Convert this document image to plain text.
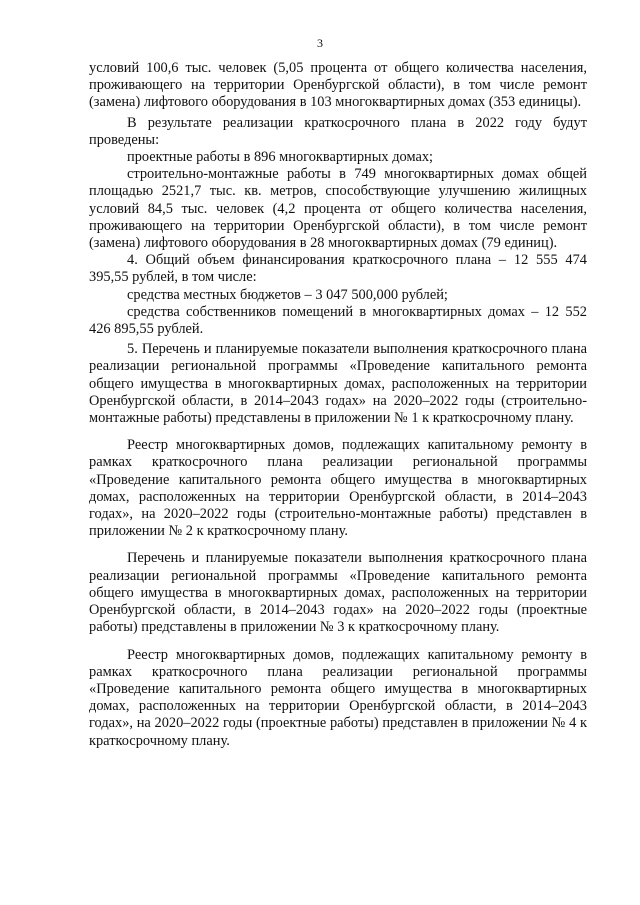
3

условий 100,6 тыс. человек (5,05 процента от общего количества населения, проживающего на территории Оренбургской области), в том числе ремонт (замена) лифтового оборудования в 103 многоквартирных домах (353 единицы).

В результате реализации краткосрочного плана в 2022 году будут проведены:

проектные работы в 896 многоквартирных домах;

строительно-монтажные работы в 749 многоквартирных домах общей площадью 2521,7 тыс. кв. метров, способствующие улучшению жилищных условий 84,5 тыс. человек (4,2 процента от общего количества населения, проживающего на территории Оренбургской области), в том числе ремонт (замена) лифтового оборудования в 28 многоквартирных домах (79 единиц).

4. Общий объем финансирования краткосрочного плана – 12 555 474 395,55 рублей, в том числе:

средства местных бюджетов – 3 047 500,000 рублей;

средства собственников помещений в многоквартирных домах – 12 552 426 895,55 рублей.

5. Перечень и планируемые показатели выполнения краткосрочного плана реализации региональной программы «Проведение капитального ремонта общего имущества в многоквартирных домах, расположенных на территории Оренбургской области, в 2014–2043 годах» на 2020–2022 годы (строительно-монтажные работы) представлены в приложении № 1 к краткосрочному плану.

Реестр многоквартирных домов, подлежащих капитальному ремонту в рамках краткосрочного плана реализации региональной программы «Проведение капитального ремонта общего имущества в многоквартирных домах, расположенных на территории Оренбургской области, в 2014–2043 годах», на 2020–2022 годы (строительно-монтажные работы) представлен в приложении № 2 к краткосрочному плану.

Перечень и планируемые показатели выполнения краткосрочного плана реализации региональной программы «Проведение капитального ремонта общего имущества в многоквартирных домах, расположенных на территории Оренбургской области, в 2014–2043 годах» на 2020–2022 годы (проектные работы) представлены в приложении № 3 к краткосрочному плану.

Реестр многоквартирных домов, подлежащих капитальному ремонту в рамках краткосрочного плана реализации региональной программы «Проведение капитального ремонта общего имущества в многоквартирных домах, расположенных на территории Оренбургской области, в 2014–2043 годах», на 2020–2022 годы (проектные работы) представлен в приложении № 4 к краткосрочному плану.
